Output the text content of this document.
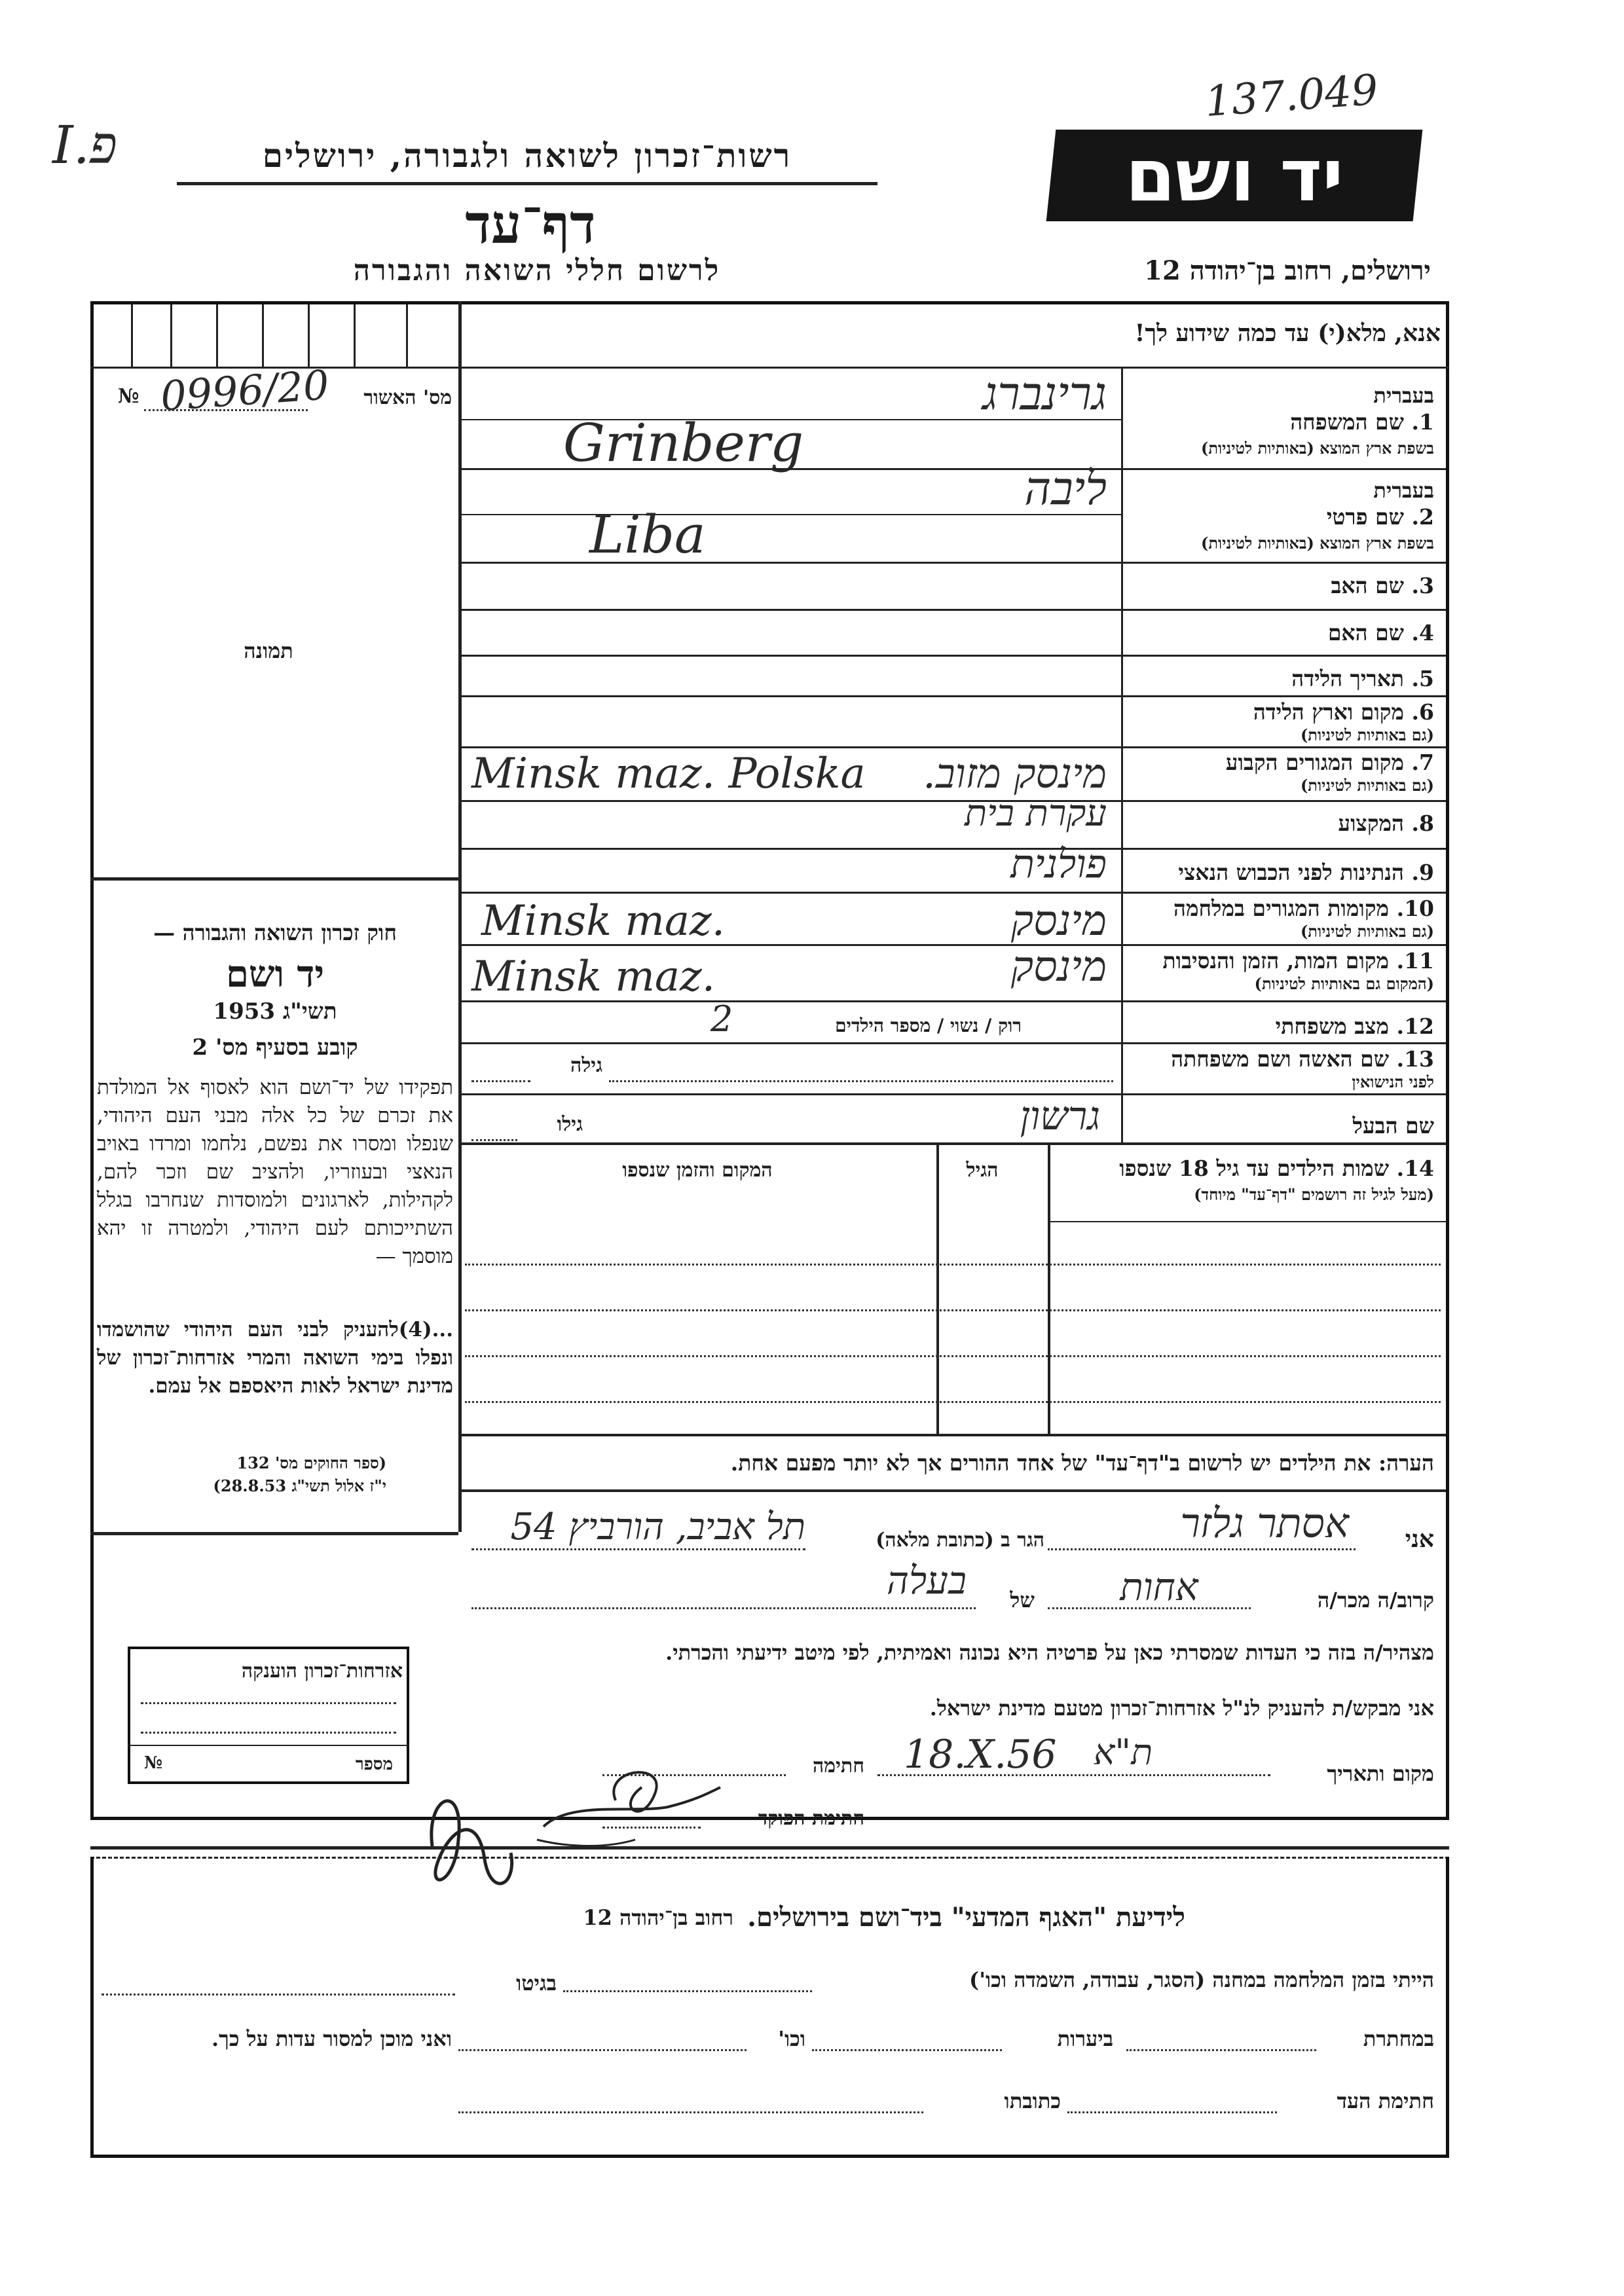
I.פ
137.049
רשות־זכרון לשואה ולגבורה, ירושלים
דף־עד
לרשום חללי השואה והגבורה
יד ושם
ירושלים, רחוב בן־יהודה 12
אנא, מלא(י) עד כמה שידוע לך!
מס' האשור
№ 0996/20
תמונה
חוק זכרון השואה והגבורה —
יד ושם
תשי"ג 1953
קובע בסעיף מס' 2
תפקידו של יד־ושם הוא לאסוף אל המולדת את זכרם של כל אלה מבני העם היהודי, שנפלו ומסרו את נפשם, נלחמו ומרדו באויב הנאצי ובעוזריו, ולהציב שם וזכר להם, לקהילות, לארגונים ולמוסדות שנחרבו בגלל השתייכותם לעם היהודי, ולמטרה זו יהא מוסמך —
...(4)להעניק לבני העם היהודי שהושמדו ונפלו בימי השואה והמרי אזרחות־זכרון של מדינת ישראל לאות היאספם אל עמם.
(ספר החוקים מס' 132
י"ז אלול תשי"ג 28.8.53)
בעברית
1. שם המשפחה
בשפת ארץ המוצא (באותיות לטיניות)
גרינברג
Grinberg
בעברית
2. שם פרטי
בשפת ארץ המוצא (באותיות לטיניות)
ליבה
Liba
3. שם האב
4. שם האם
5. תאריך הלידה
6. מקום וארץ הלידה
(גם באותיות לטיניות)
7. מקום המגורים הקבוע
(גם באותיות לטיניות)
מינסק מזוב.
Minsk maz. Polska
8. המקצוע
עקרת בית
9. הנתינות לפני הכבוש הנאצי
פולנית
10. מקומות המגורים במלחמה
(גם באותיות לטיניות)
מינסק
Minsk maz.
11. מקום המות, הזמן והנסיבות
(המקום גם באותיות לטיניות)
מינסק
Minsk maz.
12. מצב משפחתי
רוק / נשוי / מספר הילדים
2
13. שם האשה ושם משפחתה
לפני הנישואין
גילה
שם הבעל
גילו	גרשון
14. שמות הילדים עד גיל 18 שנספו
(מעל לגיל זה רושמים "דף־עד" מיוחד)
הגיל
המקום והזמן שנספו
הערה: את הילדים יש לרשום ב"דף־עד" של אחד ההורים אך לא יותר מפעם אחת.
אני
אסתר גלזר
הגר ב (כתובת מלאה)
תל אביב, הורביץ 54
קרוב/ה מכר/ה
אחות
של
בעלה
מצהיר/ה בזה כי העדות שמסרתי כאן על פרטיה היא נכונה ואמיתית, לפי מיטב ידיעתי והכרתי.
אני מבקש/ת להעניק לנ"ל אזרחות־זכרון מטעם מדינת ישראל.
מקום ותאריך
ת"א
18.X.56
חתימה
חתימת הפוקד
אזרחות־זכרון הוענקה
מספר
№
לידיעת "האגף המדעי" ביד־ושם בירושלים.
רחוב בן־יהודה 12
הייתי בזמן המלחמה במחנה (הסגר, עבודה, השמדה וכו')
בגיטו
במחתרת
ביערות
וכו'
ואני מוכן למסור עדות על כך.
חתימת העד
כתובתו
